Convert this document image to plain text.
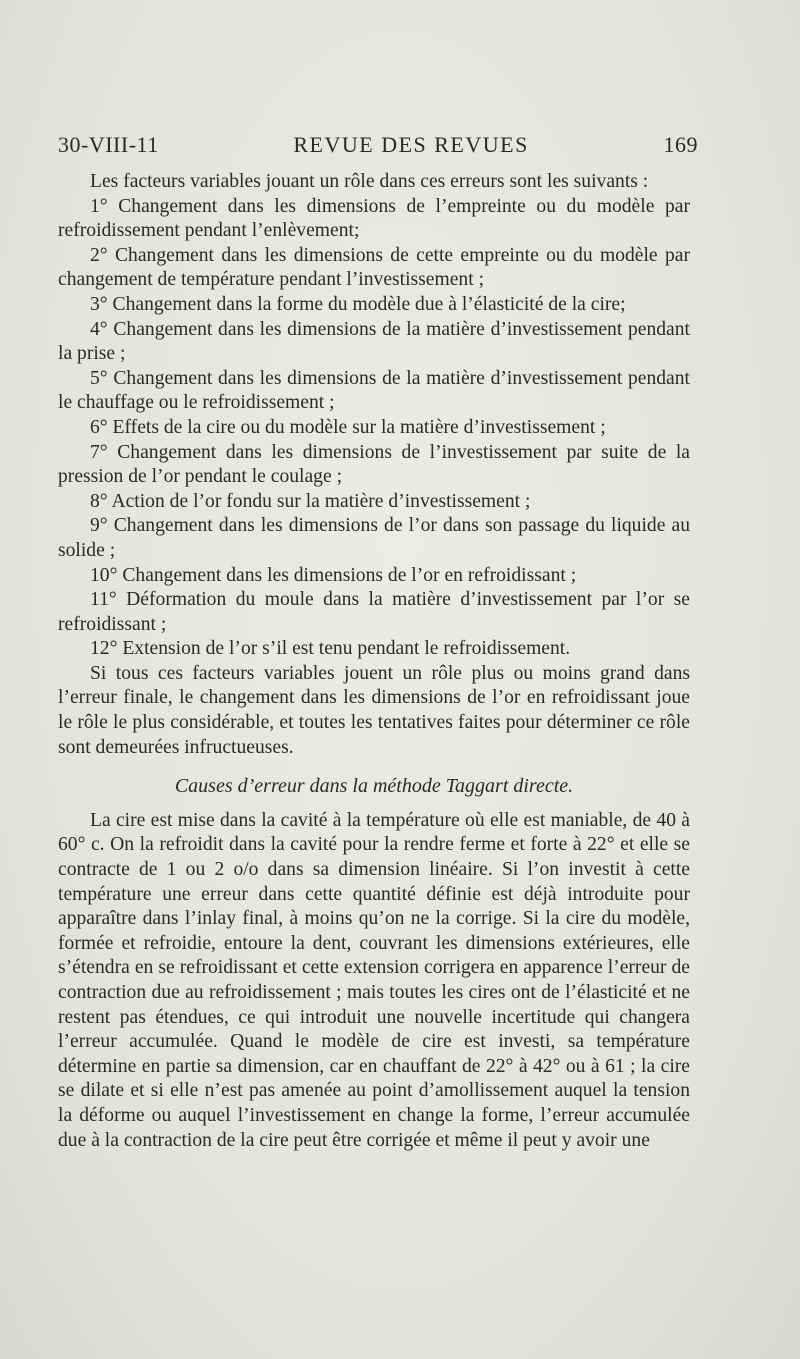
30-VIII-11	REVUE DES REVUES	169

Les facteurs variables jouant un rôle dans ces erreurs sont les suivants :

1° Changement dans les dimensions de l’empreinte ou du modèle par refroidissement pendant l’enlèvement;

2° Changement dans les dimensions de cette empreinte ou du modèle par changement de température pendant l’investissement ;

3° Changement dans la forme du modèle due à l’élasticité de la cire;

4° Changement dans les dimensions de la matière d’investissement pendant la prise ;

5° Changement dans les dimensions de la matière d’investissement pendant le chauffage ou le refroidissement ;

6° Effets de la cire ou du modèle sur la matière d’investissement ;

7° Changement dans les dimensions de l’investissement par suite de la pression de l’or pendant le coulage ;

8° Action de l’or fondu sur la matière d’investissement ;

9° Changement dans les dimensions de l’or dans son passage du liquide au solide ;

10° Changement dans les dimensions de l’or en refroidissant ;

11° Déformation du moule dans la matière d’investissement par l’or se refroidissant ;

12° Extension de l’or s’il est tenu pendant le refroidissement.

Si tous ces facteurs variables jouent un rôle plus ou moins grand dans l’erreur finale, le changement dans les dimensions de l’or en refroidissant joue le rôle le plus considérable, et toutes les tentatives faites pour déterminer ce rôle sont demeurées infructueuses.

Causes d’erreur dans la méthode Taggart directe.

La cire est mise dans la cavité à la température où elle est maniable, de 40 à 60° c. On la refroidit dans la cavité pour la rendre ferme et forte à 22° et elle se contracte de 1 ou 2 o/o dans sa dimension linéaire. Si l’on investit à cette température une erreur dans cette quantité définie est déjà introduite pour apparaître dans l’inlay final, à moins qu’on ne la corrige. Si la cire du modèle, formée et refroidie, entoure la dent, couvrant les dimensions extérieures, elle s’étendra en se refroidissant et cette extension corrigera en apparence l’erreur de contraction due au refroidissement ; mais toutes les cires ont de l’élasticité et ne restent pas étendues, ce qui introduit une nouvelle incertitude qui changera l’erreur accumulée. Quand le modèle de cire est investi, sa température détermine en partie sa dimension, car en chauffant de 22° à 42° ou à 61 ; la cire se dilate et si elle n’est pas amenée au point d’amollissement auquel la tension la déforme ou auquel l’investissement en change la forme, l’erreur accumulée due à la contraction de la cire peut être corrigée et même il peut y avoir une
